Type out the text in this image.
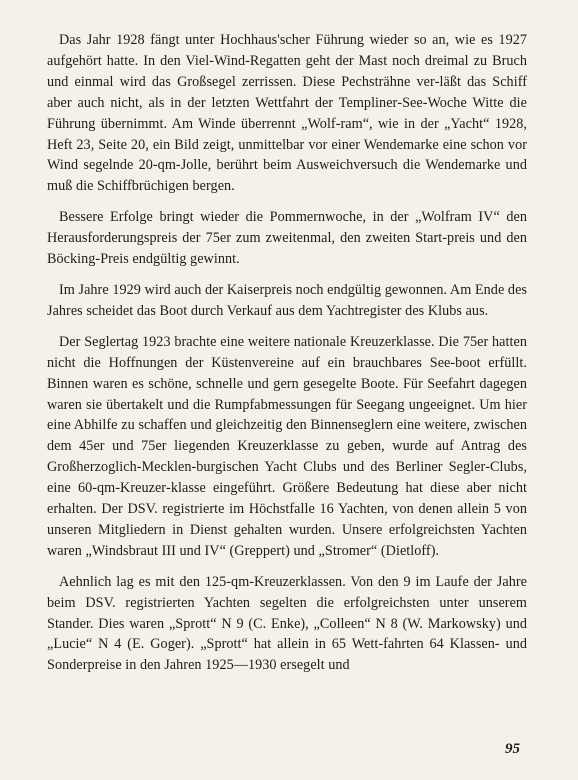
Das Jahr 1928 fängt unter Hochhaus'scher Führung wieder so an, wie es 1927 aufgehört hatte. In den Viel‐Wind‐Regatten geht der Mast noch dreimal zu Bruch und einmal wird das Großsegel zerrissen. Diese Pechsträhne ver‐läßt das Schiff aber auch nicht, als in der letzten Wettfahrt der Templiner‐See‐Woche Witte die Führung übernimmt. Am Winde überrennt „Wolf‐ram“, wie in der „Yacht“ 1928, Heft 23, Seite 20, ein Bild zeigt, unmittelbar vor einer Wendemarke eine schon vor Wind segelnde 20‐qm‐Jolle, berührt beim Ausweichversuch die Wendemarke und muß die Schiffbrüchigen bergen.

Bessere Erfolge bringt wieder die Pommernwoche, in der „Wolfram IV“ den Herausforderungspreis der 75er zum zweitenmal, den zweiten Start‐preis und den Böcking‐Preis endgültig gewinnt.

Im Jahre 1929 wird auch der Kaiserpreis noch endgültig gewonnen. Am Ende des Jahres scheidet das Boot durch Verkauf aus dem Yachtregister des Klubs aus.

Der Seglertag 1923 brachte eine weitere nationale Kreuzerklasse. Die 75er hatten nicht die Hoffnungen der Küstenvereine auf ein brauchbares See‐boot erfüllt. Binnen waren es schöne, schnelle und gern gesegelte Boote. Für Seefahrt dagegen waren sie übertakelt und die Rumpfabmessungen für Seegang ungeeignet. Um hier eine Abhilfe zu schaffen und gleichzeitig den Binnenseglern eine weitere, zwischen dem 45er und 75er liegenden Kreuzerklasse zu geben, wurde auf Antrag des Großherzoglich‐Mecklen‐burgischen Yacht Clubs und des Berliner Segler‐Clubs, eine 60‐qm‐Kreuzer‐klasse eingeführt. Größere Bedeutung hat diese aber nicht erhalten. Der DSV. registrierte im Höchstfalle 16 Yachten, von denen allein 5 von unseren Mitgliedern in Dienst gehalten wurden. Unsere erfolgreichsten Yachten waren „Windsbraut III und IV“ (Greppert) und „Stromer“ (Dietloff).

Aehnlich lag es mit den 125‐qm‐Kreuzerklassen. Von den 9 im Laufe der Jahre beim DSV. registrierten Yachten segelten die erfolgreichsten unter unserem Stander. Dies waren „Sprott“ N 9 (C. Enke), „Colleen“ N 8 (W. Markowsky) und „Lucie“ N 4 (E. Goger). „Sprott“ hat allein in 65 Wett‐fahrten 64 Klassen‐ und Sonderpreise in den Jahren 1925—1930 ersegelt und

95
